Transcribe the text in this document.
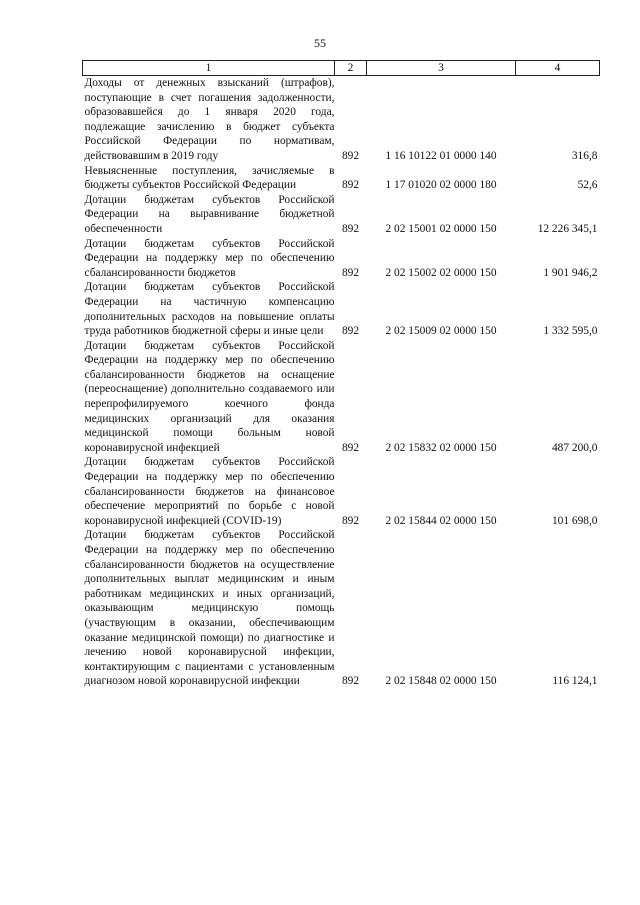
55
1	2	3	4
Доходы от денежных взысканий (штрафов), поступающие в счет погашения задолженности, образовавшейся до 1 января 2020 года, подлежащие зачислению в бюджет субъекта Российской Федерации по нормативам, действовавшим в 2019 году	892	1 16 10122 01 0000 140	316,8
Невыясненные поступления, зачисляемые в бюджеты субъектов Российской Федерации	892	1 17 01020 02 0000 180	52,6
Дотации бюджетам субъектов Российской Федерации на выравнивание бюджетной обеспеченности	892	2 02 15001 02 0000 150	12 226 345,1
Дотации бюджетам субъектов Российской Федерации на поддержку мер по обеспечению сбалансированности бюджетов	892	2 02 15002 02 0000 150	1 901 946,2
Дотации бюджетам субъектов Российской Федерации на частичную компенсацию дополнительных расходов на повышение оплаты труда работников бюджетной сферы и иные цели	892	2 02 15009 02 0000 150	1 332 595,0
Дотации бюджетам субъектов Российской Федерации на поддержку мер по обеспечению сбалансированности бюджетов на оснащение (переоснащение) дополнительно создаваемого или перепрофилируемого коечного фонда медицинских организаций для оказания медицинской помощи больным новой коронавирусной инфекцией	892	2 02 15832 02 0000 150	487 200,0
Дотации бюджетам субъектов Российской Федерации на поддержку мер по обеспечению сбалансированности бюджетов на финансовое обеспечение мероприятий по борьбе с новой коронавирусной инфекцией (COVID-19)	892	2 02 15844 02 0000 150	101 698,0
Дотации бюджетам субъектов Российской Федерации на поддержку мер по обеспечению сбалансированности бюджетов на осуществление дополнительных выплат медицинским и иным работникам медицинских и иных организаций, оказывающим медицинскую помощь (участвующим в оказании, обеспечивающим оказание медицинской помощи) по диагностике и лечению новой коронавирусной инфекции, контактирующим с пациентами с установленным диагнозом новой коронавирусной инфекции	892	2 02 15848 02 0000 150	116 124,1
